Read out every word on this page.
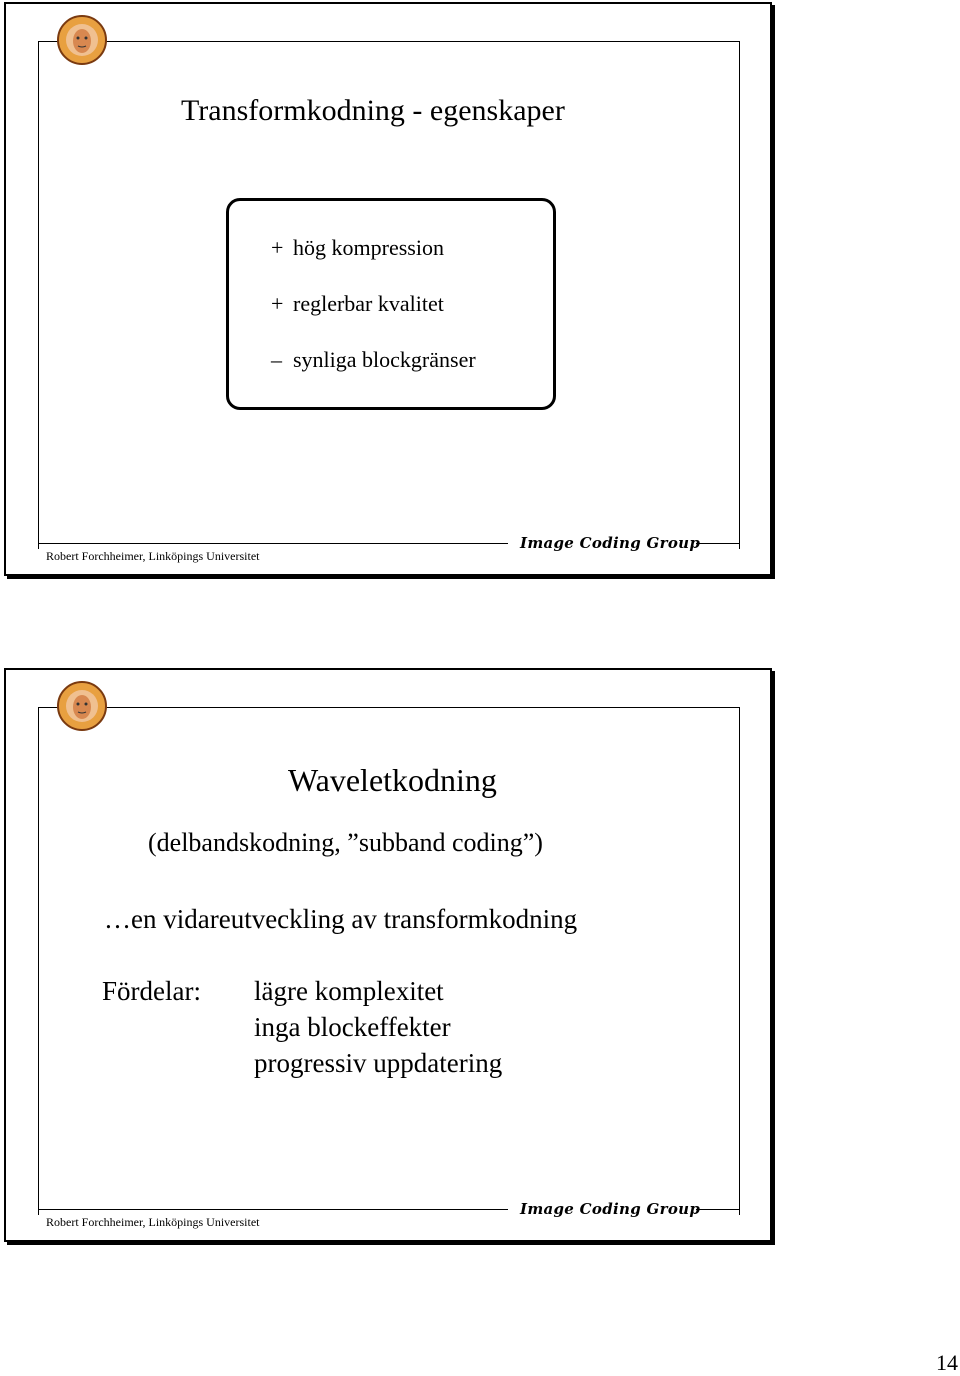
Transformkodning - egenskaper
+ hög kompression
+ reglerbar kvalitet
– synliga blockgränser
Robert Forchheimer, Linköpings Universitet
Image Coding Group
Waveletkodning
(delbandskodning, ”subband coding”)
…en vidareutveckling av transformkodning
Fördelar: lägre komplexitet
inga blockeffekter
progressiv uppdatering
Robert Forchheimer, Linköpings Universitet
Image Coding Group
14
